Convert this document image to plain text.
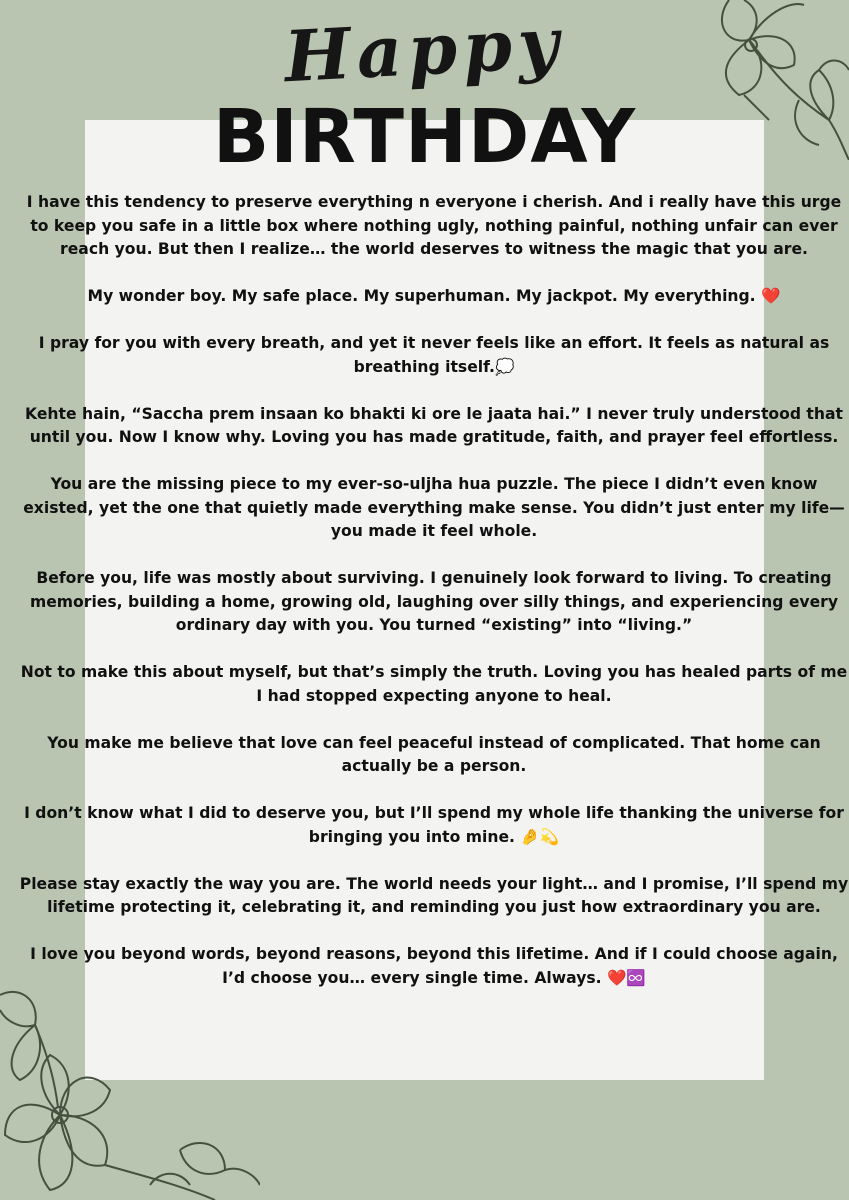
Happy
BIRTHDAY

I have this tendency to preserve everything n everyone i cherish. And i really have this urge to keep you safe in a little box where nothing ugly, nothing painful, nothing unfair can ever reach you. But then I realize… the world deserves to witness the magic that you are.

My wonder boy. My safe place. My superhuman. My jackpot. My everything. ❤️

I pray for you with every breath, and yet it never feels like an effort. It feels as natural as breathing itself.💭

Kehte hain, “Saccha prem insaan ko bhakti ki ore le jaata hai.” I never truly understood that until you. Now I know why. Loving you has made gratitude, faith, and prayer feel effortless.

You are the missing piece to my ever-so-uljha hua puzzle. The piece I didn’t even know existed, yet the one that quietly made everything make sense. You didn’t just enter my life—you made it feel whole.

Before you, life was mostly about surviving. I genuinely look forward to living. To creating memories, building a home, growing old, laughing over silly things, and experiencing every ordinary day with you. You turned “existing” into “living.”

Not to make this about myself, but that’s simply the truth. Loving you has healed parts of me I had stopped expecting anyone to heal.

You make me believe that love can feel peaceful instead of complicated. That home can actually be a person.

I don’t know what I did to deserve you, but I’ll spend my whole life thanking the universe for bringing you into mine. 🤌💫

Please stay exactly the way you are. The world needs your light… and I promise, I’ll spend my lifetime protecting it, celebrating it, and reminding you just how extraordinary you are.

I love you beyond words, beyond reasons, beyond this lifetime. And if I could choose again, I’d choose you… every single time. Always. ❤️♾️
